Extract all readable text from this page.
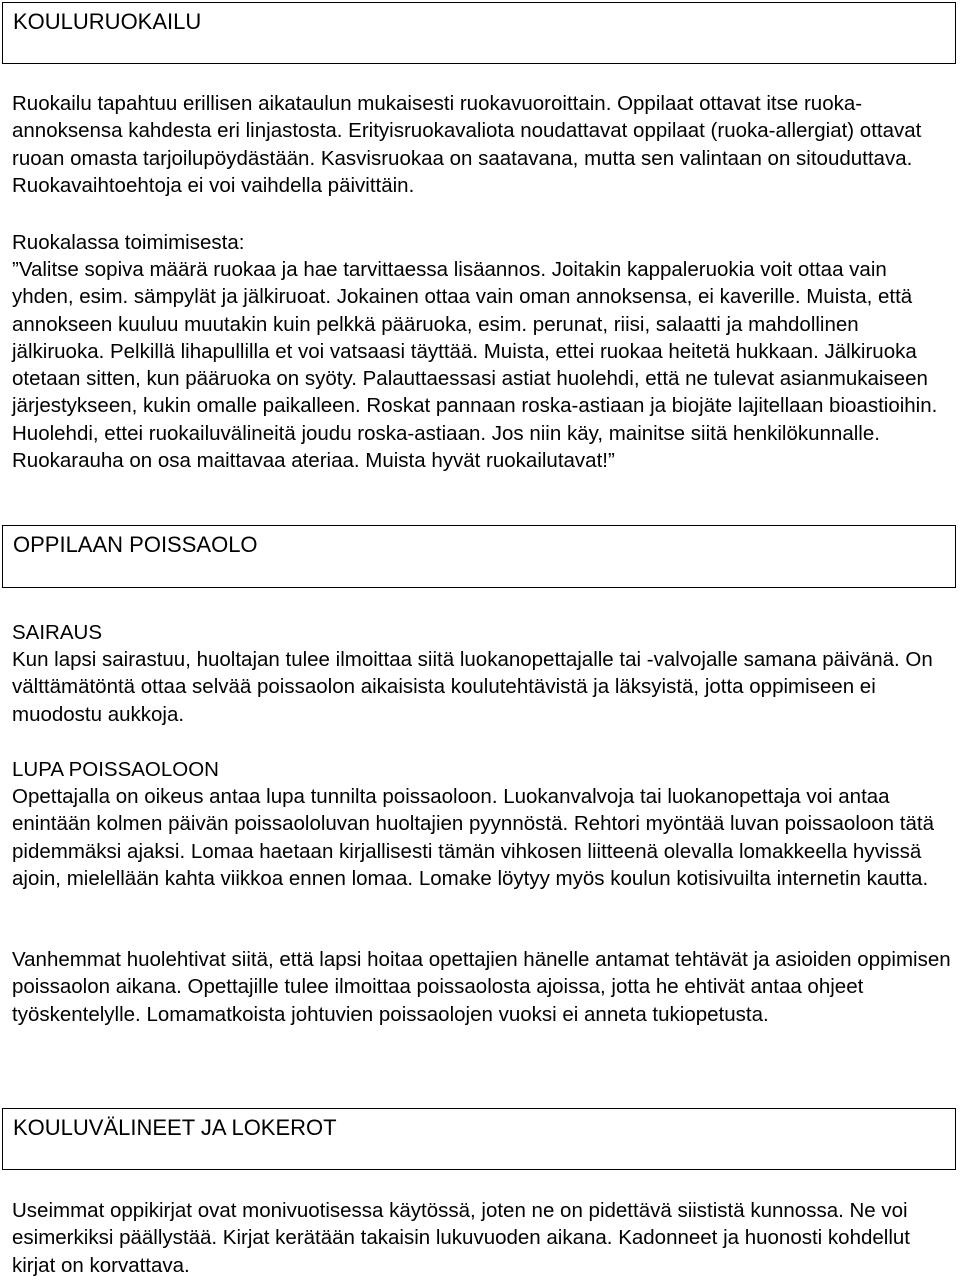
KOULURUOKAILU

Ruokailu tapahtuu erillisen aikataulun mukaisesti ruokavuoroittain. Oppilaat ottavat itse ruoka-annoksensa kahdesta eri linjastosta. Erityisruokavaliota noudattavat oppilaat (ruoka-allergiat) ottavat ruoan omasta tarjoilupöydästään. Kasvisruokaa on saatavana, mutta sen valintaan on sitouduttava. Ruokavaihtoehtoja ei voi vaihdella päivittäin.

Ruokalassa toimimisesta:

”Valitse sopiva määrä ruokaa ja hae tarvittaessa lisäannos. Joitakin kappaleruokia voit ottaa vain yhden, esim. sämpylät ja jälkiruoat. Jokainen ottaa vain oman annoksensa, ei kaverille. Muista, että annokseen kuuluu muutakin kuin pelkkä pääruoka, esim. perunat, riisi, salaatti ja mahdollinen jälkiruoka. Pelkillä lihapullilla et voi vatsaasi täyttää. Muista, ettei ruokaa heitetä hukkaan. Jälkiruoka otetaan sitten, kun pääruoka on syöty. Palauttaessasi astiat huolehdi, että ne tulevat asianmukaiseen järjestykseen, kukin omalle paikalleen. Roskat pannaan roska-astiaan ja biojäte lajitellaan bioastioihin. Huolehdi, ettei ruokailuvälineitä joudu roska-astiaan. Jos niin käy, mainitse siitä henkilökunnalle. Ruokarauha on osa maittavaa ateriaa. Muista hyvät ruokailutavat!”

OPPILAAN POISSAOLO

SAIRAUS

Kun lapsi sairastuu, huoltajan tulee ilmoittaa siitä luokanopettajalle tai -valvojalle samana päivänä. On välttämätöntä ottaa selvää poissaolon aikaisista koulutehtävistä ja läksyistä, jotta oppimiseen ei muodostu aukkoja.

LUPA POISSAOLOON

Opettajalla on oikeus antaa lupa tunnilta poissaoloon. Luokanvalvoja tai luokanopettaja voi antaa enintään kolmen päivän poissaololuvan huoltajien pyynnöstä. Rehtori myöntää luvan poissaoloon tätä pidemmäksi ajaksi. Lomaa haetaan kirjallisesti tämän vihkosen liitteenä olevalla lomakkeella hyvissä ajoin, mielellään kahta viikkoa ennen lomaa. Lomake löytyy myös koulun kotisivuilta internetin kautta.

Vanhemmat huolehtivat siitä, että lapsi hoitaa opettajien hänelle antamat tehtävät ja asioiden oppimisen poissaolon aikana. Opettajille tulee ilmoittaa poissaolosta ajoissa, jotta he ehtivät antaa ohjeet työskentelylle. Lomamatkoista johtuvien poissaolojen vuoksi ei anneta tukiopetusta.

KOULUVÄLINEET JA LOKEROT

Useimmat oppikirjat ovat monivuotisessa käytössä, joten ne on pidettävä siististä kunnossa. Ne voi esimerkiksi päällystää. Kirjat kerätään takaisin lukuvuoden aikana. Kadonneet ja huonosti kohdellut kirjat on korvattava.
